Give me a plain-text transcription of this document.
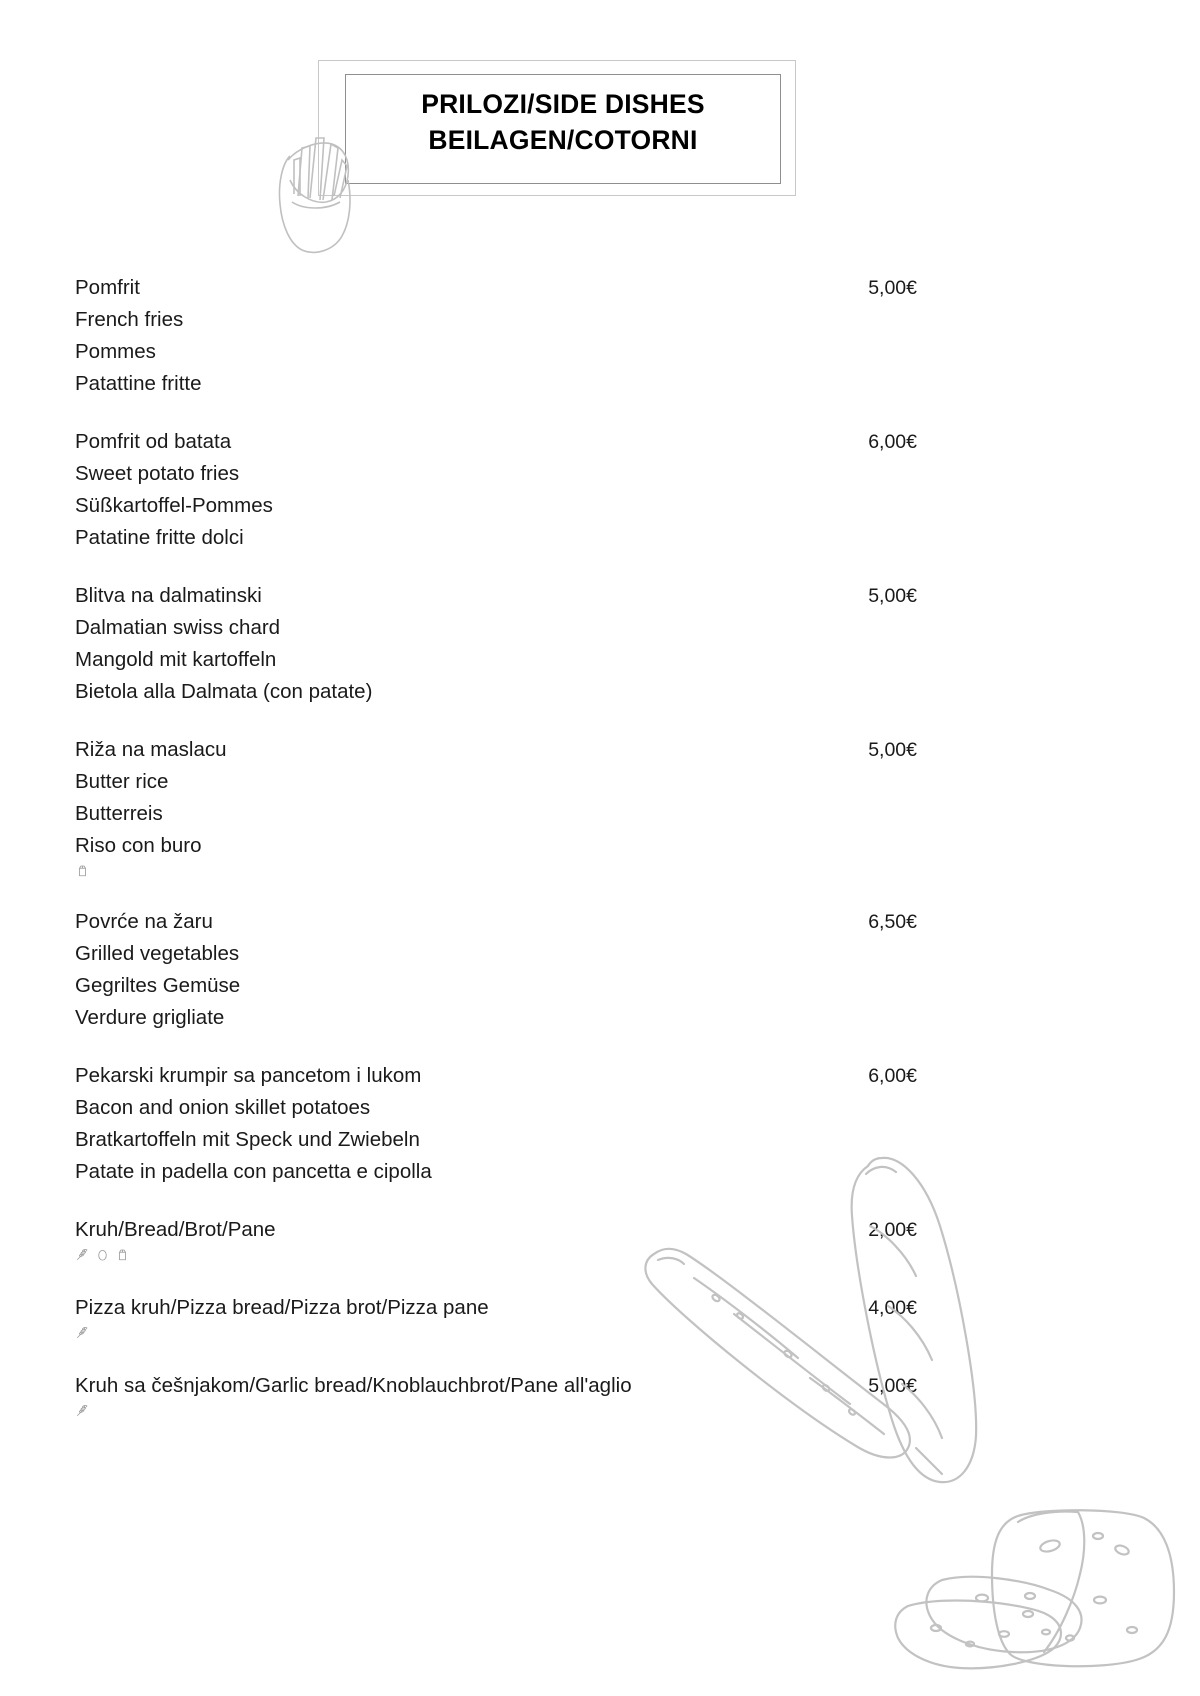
PRILOZI/SIDE DISHES
BEILAGEN/COTORNI
Pomfrit	5,00€
French fries
Pommes
Patattine fritte
Pomfrit od batata	6,00€
Sweet potato fries
Süßkartoffel-Pommes
Patatine fritte dolci
Blitva na dalmatinski	5,00€
Dalmatian swiss chard
Mangold mit kartoffeln
Bietola alla Dalmata (con patate)
Riža na maslacu	5,00€
Butter rice
Butterreis
Riso con buro
Povrće na žaru	6,50€
Grilled vegetables
Gegriltes Gemüse
Verdure grigliate
Pekarski krumpir sa pancetom i lukom	6,00€
Bacon and onion skillet potatoes
Bratkartoffeln mit Speck und Zwiebeln
Patate in padella con pancetta e cipolla
Kruh/Bread/Brot/Pane	2,00€
Pizza kruh/Pizza bread/Pizza brot/Pizza pane	4,00€
Kruh sa češnjakom/Garlic bread/Knoblauchbrot/Pane all'aglio	5,00€
